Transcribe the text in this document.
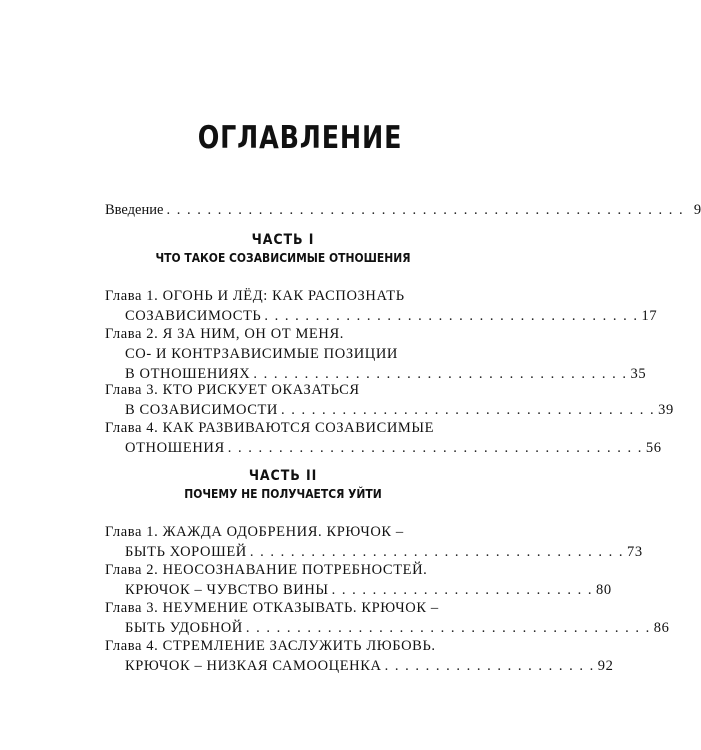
ОГЛАВЛЕНИЕ
Введение . . . . . . . . . . . . . . . . . . . . . . . . . . . . . . . . . . . . . . . . . . . . . . . . . . . 9
ЧАСТЬ I
ЧТО ТАКОЕ СОЗАВИСИМЫЕ ОТНОШЕНИЯ
Глава 1. ОГОНЬ И ЛЁД: КАК РАСПОЗНАТЬ
СОЗАВИСИМОСТЬ . . . . . . . . . . . . . . . . . . . . . . . . . . . . . . . . . . . . . 17
Глава 2. Я ЗА НИМ, ОН ОТ МЕНЯ.
СО- И КОНТРЗАВИСИМЫЕ ПОЗИЦИИ
В ОТНОШЕНИЯХ . . . . . . . . . . . . . . . . . . . . . . . . . . . . . . . . . . . . . 35
Глава 3. КТО РИСКУЕТ ОКАЗАТЬСЯ
В СОЗАВИСИМОСТИ . . . . . . . . . . . . . . . . . . . . . . . . . . . . . . . . . . . . . 39
Глава 4. КАК РАЗВИВАЮТСЯ СОЗАВИСИМЫЕ
ОТНОШЕНИЯ . . . . . . . . . . . . . . . . . . . . . . . . . . . . . . . . . . . . . . . . . 56
ЧАСТЬ II
ПОЧЕМУ НЕ ПОЛУЧАЕТСЯ УЙТИ
Глава 1. ЖАЖДА ОДОБРЕНИЯ. КРЮЧОК –
БЫТЬ ХОРОШЕЙ . . . . . . . . . . . . . . . . . . . . . . . . . . . . . . . . . . . . . 73
Глава 2. НЕОСОЗНАВАНИЕ ПОТРЕБНОСТЕЙ.
КРЮЧОК – ЧУВСТВО ВИНЫ . . . . . . . . . . . . . . . . . . . . . . . . . . 80
Глава 3. НЕУМЕНИЕ ОТКАЗЫВАТЬ. КРЮЧОК –
БЫТЬ УДОБНОЙ . . . . . . . . . . . . . . . . . . . . . . . . . . . . . . . . . . . . . . . . 86
Глава 4. СТРЕМЛЕНИЕ ЗАСЛУЖИТЬ ЛЮБОВЬ.
КРЮЧОК – НИЗКАЯ САМООЦЕНКА . . . . . . . . . . . . . . . . . . . . . 92
